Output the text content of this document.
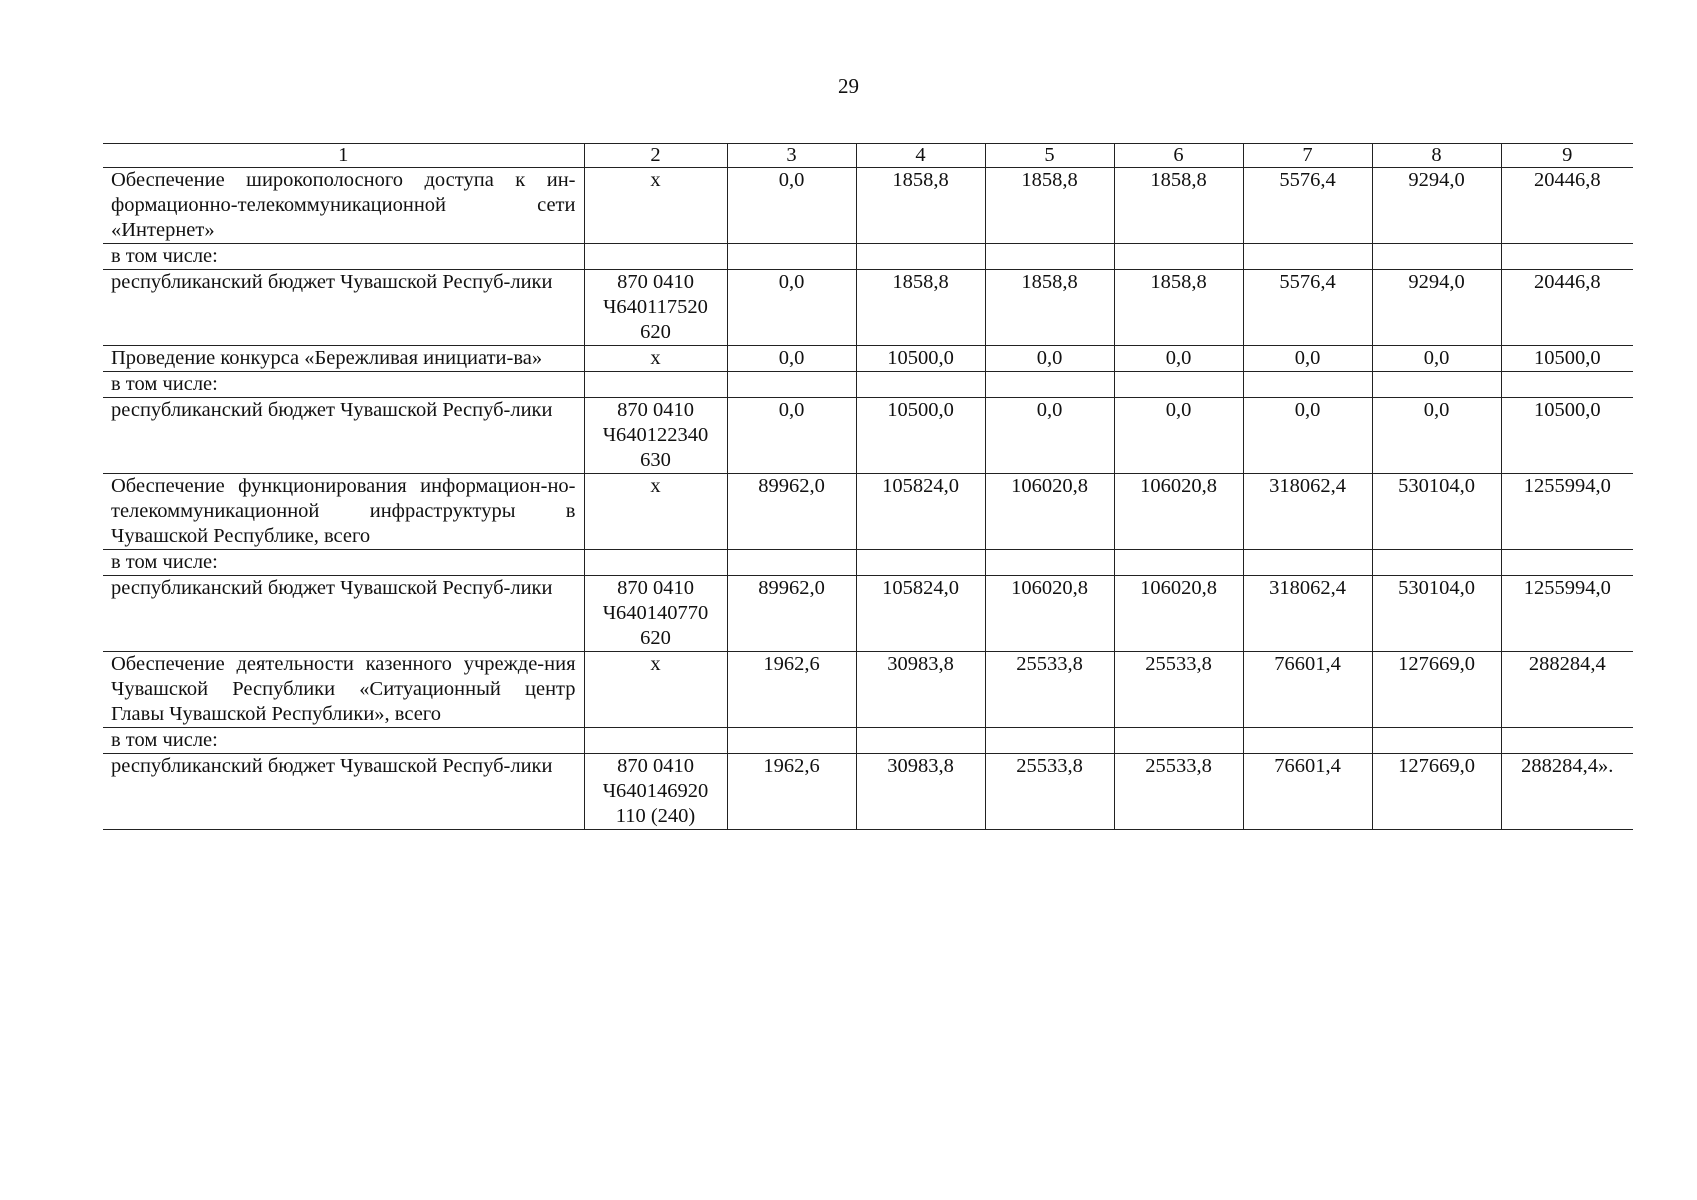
29
1	2	3	4	5	6	7	8	9
Обеспечение широкополосного доступа к ин-формационно-телекоммуникационной сети «Интернет»	х	0,0	1858,8	1858,8	1858,8	5576,4	9294,0	20446,8
в том числе:								
республиканский бюджет Чувашской Респуб-лики	870 0410 Ч640117520 620	0,0	1858,8	1858,8	1858,8	5576,4	9294,0	20446,8
Проведение конкурса «Бережливая инициати-ва»	х	0,0	10500,0	0,0	0,0	0,0	0,0	10500,0
в том числе:								
республиканский бюджет Чувашской Респуб-лики	870 0410 Ч640122340 630	0,0	10500,0	0,0	0,0	0,0	0,0	10500,0
Обеспечение функционирования информацион-но-телекоммуникационной инфраструктуры в Чувашской Республике, всего	х	89962,0	105824,0	106020,8	106020,8	318062,4	530104,0	1255994,0
в том числе:								
республиканский бюджет Чувашской Респуб-лики	870 0410 Ч640140770 620	89962,0	105824,0	106020,8	106020,8	318062,4	530104,0	1255994,0
Обеспечение деятельности казенного учрежде-ния Чувашской Республики «Ситуационный центр Главы Чувашской Республики», всего	х	1962,6	30983,8	25533,8	25533,8	76601,4	127669,0	288284,4
в том числе:								
республиканский бюджет Чувашской Респуб-лики	870 0410 Ч640146920 110 (240)	1962,6	30983,8	25533,8	25533,8	76601,4	127669,0	288284,4».
